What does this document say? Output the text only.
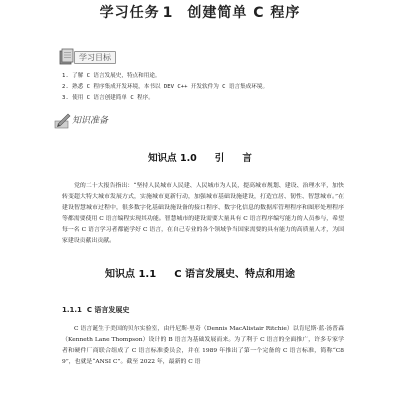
学习任务 1 创建简单 C 程序
学习目标
1. 了解 C 语言发展史，特点和用途。
2. 熟悉 C 程序集成开发环境，本书以 DEV C++ 开发软件为 C 语言集成环境。
3. 使用 C 语言创建简单 C 程序。
知识准备
知识点 1.0 引 言

党的二十大报告指出：“坚持人民城市人民建、人民城市为人民，提高城市规划、建设、治理水平，加快转变超大特大城市发展方式，实施城市更新行动，加强城市基础设施建设，打造宜居、韧性、智慧城市。”在建设智慧城市过程中，很多数字化基础设施设备的接口程序、数字化信息的数据库管理程序和图形处理程序等都需要使用 C 语言编程实现其功能。智慧城市的建设需要大量具有 C 语言程序编写能力的人员参与，希望每一名 C 语言学习者都能学好 C 语言，在自己专业的各个领域争当国家需要的具有能力的高质量人才，为国家建设贡献出贡献。

知识点 1.1 C 语言发展史、特点和用途
1.1.1 C 语言发展史

C 语言诞生于美国的贝尔实验室，由丹尼斯·里奇（Dennis MacAlistair Ritchie）以肯尼斯·蓝·汤普森（Kenneth Lane Thompson）设计的 B 语言为基础发展而来。为了利于 C 语言的全面推广，许多专家学者和硬件厂商联合组成了 C 语言标准委员会，并在 1989 年推出了第一个完备的 C 语言标准，简称“C89”，也就是“ANSI C”。截至 2022 年，最新的 C 语
